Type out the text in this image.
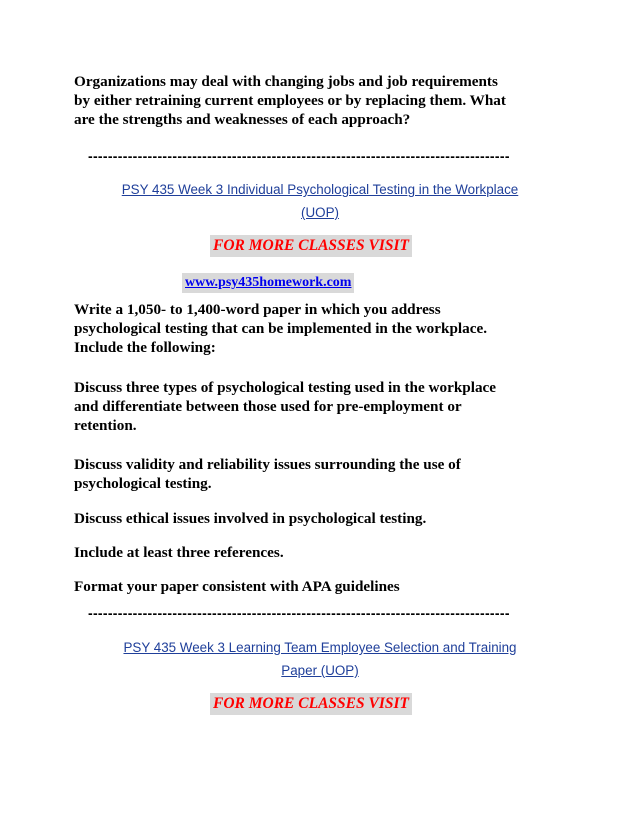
Organizations may deal with changing jobs and job requirements
by either retraining current employees or by replacing them. What
are the strengths and weaknesses of each approach?
-------------------------------------------------------------------------------------
PSY 435 Week 3 Individual Psychological Testing in the Workplace
(UOP)
FOR MORE CLASSES VISIT
www.psy435homework.com
Write a 1,050- to 1,400-word paper in which you address
psychological testing that can be implemented in the workplace.
Include the following:
Discuss three types of psychological testing used in the workplace
and differentiate between those used for pre-employment or
retention.
Discuss validity and reliability issues surrounding the use of
psychological testing.
Discuss ethical issues involved in psychological testing.
Include at least three references.
Format your paper consistent with APA guidelines
-------------------------------------------------------------------------------------
PSY 435 Week 3 Learning Team Employee Selection and Training
Paper (UOP)
FOR MORE CLASSES VISIT
